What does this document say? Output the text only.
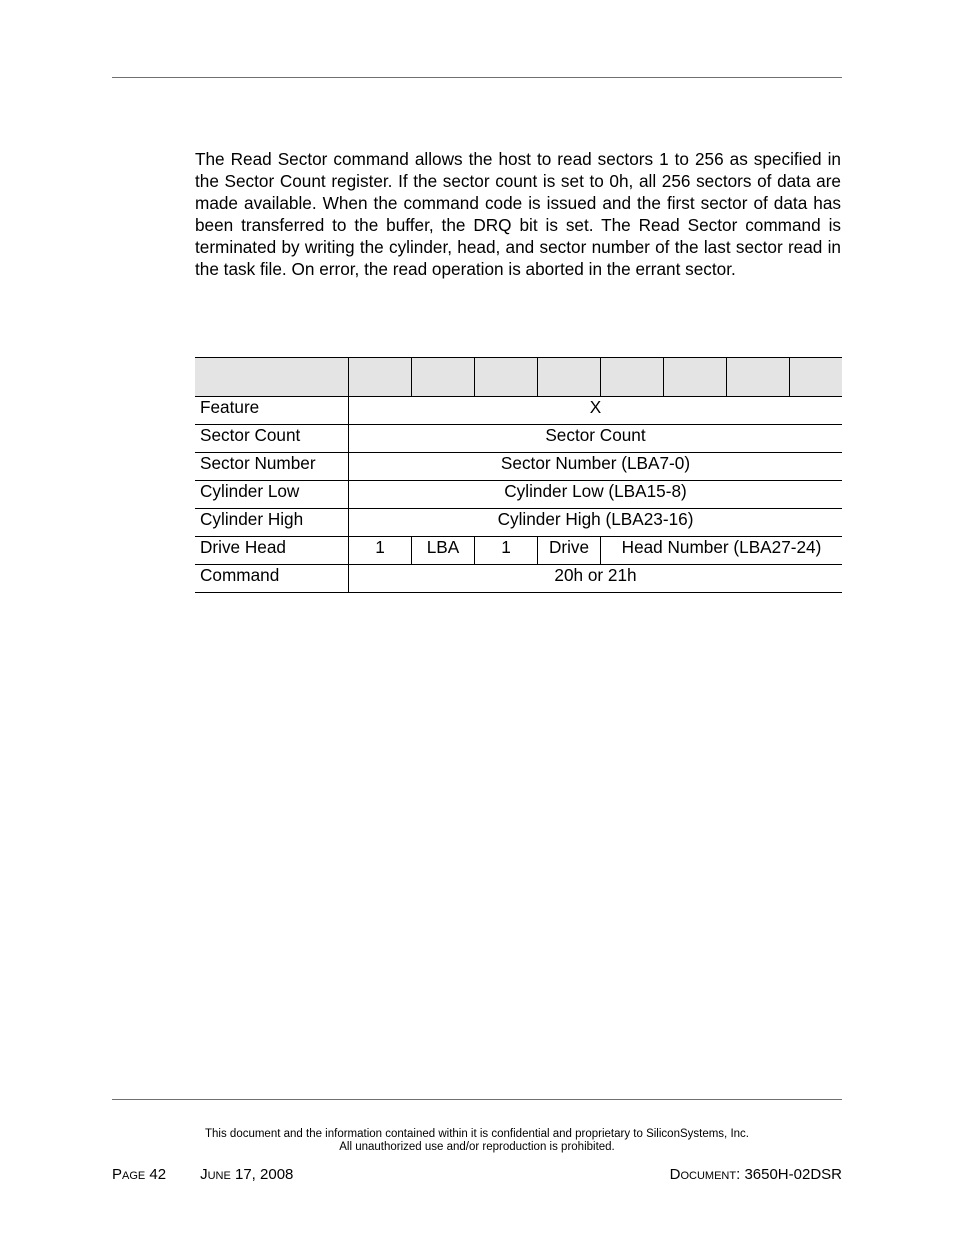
The Read Sector command allows the host to read sectors 1 to 256 as specified in the Sector Count register. If the sector count is set to 0h, all 256 sectors of data are made available. When the command code is issued and the first sector of data has been transferred to the buffer, the DRQ bit is set. The Read Sector command is terminated by writing the cylinder, head, and sector number of the last sector read in the task file. On error, the read operation is aborted in the errant sector.

Feature	X							
Sector Count	Sector Count							
Sector Number	Sector Number (LBA7-0)							
Cylinder Low	Cylinder Low (LBA15-8)							
Cylinder High	Cylinder High (LBA23-16)							
Drive Head	1	LBA	1	Drive	Head Number (LBA27-24)			
Command	20h or 21h							
This document and the information contained within it is confidential and proprietary to SiliconSystems, Inc.
All unauthorized use and/or reproduction is prohibited.
Page 42 June 17, 2008	Document: 3650H-02DSR
